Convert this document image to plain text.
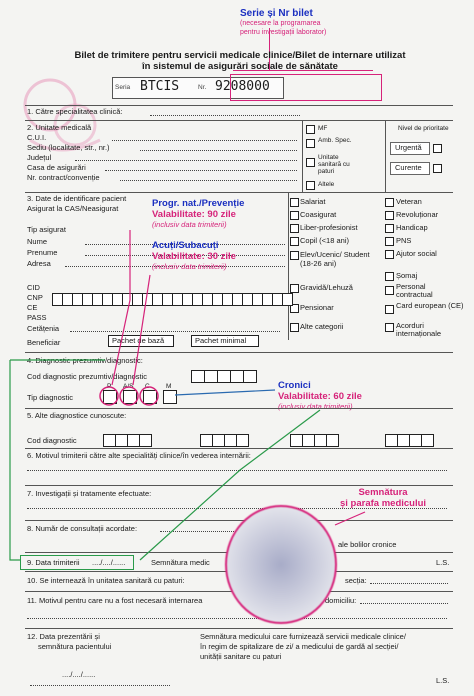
Serie și Nr bilet
(necesare la programarea pentru investigații laborator)
Bilet de trimitere pentru servicii medicale clinice/Bilet de internare utilizat
în sistemul de asigurări sociale de sănătate
Seria BTCIS	Nr. 9208000
1. Către specialitatea clinică:
2. Unitate medicală
C.U.I.
Sediu (localitate, str., nr.)
Județul
Casa de asigurări
Nr. contract/convenție
MF
Amb. Spec.
Unitate sanitară cu paturi
Altele
Nivel de prioritate
Urgentă
Curente
3. Date de identificare pacient
Asigurat la CAS/Neasigurat
Tip asigurat
Nume
Prenume
Adresa
Salariat
Coasigurat
Liber-profesionist
Copil (<18 ani)
Elev/Ucenic/ Student (18-26 ani)
Gravidă/Lehuză
Pensionar
Alte categorii
Veteran
Revoluționar
Handicap
PNS
Ajutor social
Șomaj
Personal contractual
Card european (CE)
Acorduri internaționale
Progr. nat./Prevenție
Valabilitate: 90 zile
(inclusiv data trimiterii)
Acuți/Subacuți
Valabilitate: 30 zile
(inclusiv data trimiterii)
CID
CNP
CE
PASS
Cetățenia
Beneficiar	Pachet de bază	Pachet minimal
4. Diagnostic prezumtiv/diagnostic:
Cod diagnostic prezumtiv/diagnostic
Tip diagnostic
P A/S C	M	Cronici
Valabilitate: 60 zile
(inclusiv data trimiterii)
5. Alte diagnostice cunoscute:
Cod diagnostic
6. Motivul trimiterii către alte specialități clinice/în vederea internării:
7. Investigații și tratamente efectuate:
8. Număr de consultații acordate:
ale bolilor cronice
Semnătura
și parafa medicului
9. Data trimiterii ..../..../......	Semnătura medic	L.S.
10. Se internează în unitatea sanitară cu paturi:	secția:
11. Motivul pentru care nu a fost necesară internarea	domiciliu:
12. Data prezentării și
semnătura pacientului
..../..../......
Semnătura medicului care furnizează servicii medicale clinice/
în regim de spitalizare de zi/ a medicului de gardă al secției/
unității sanitare cu paturi
L.S.
